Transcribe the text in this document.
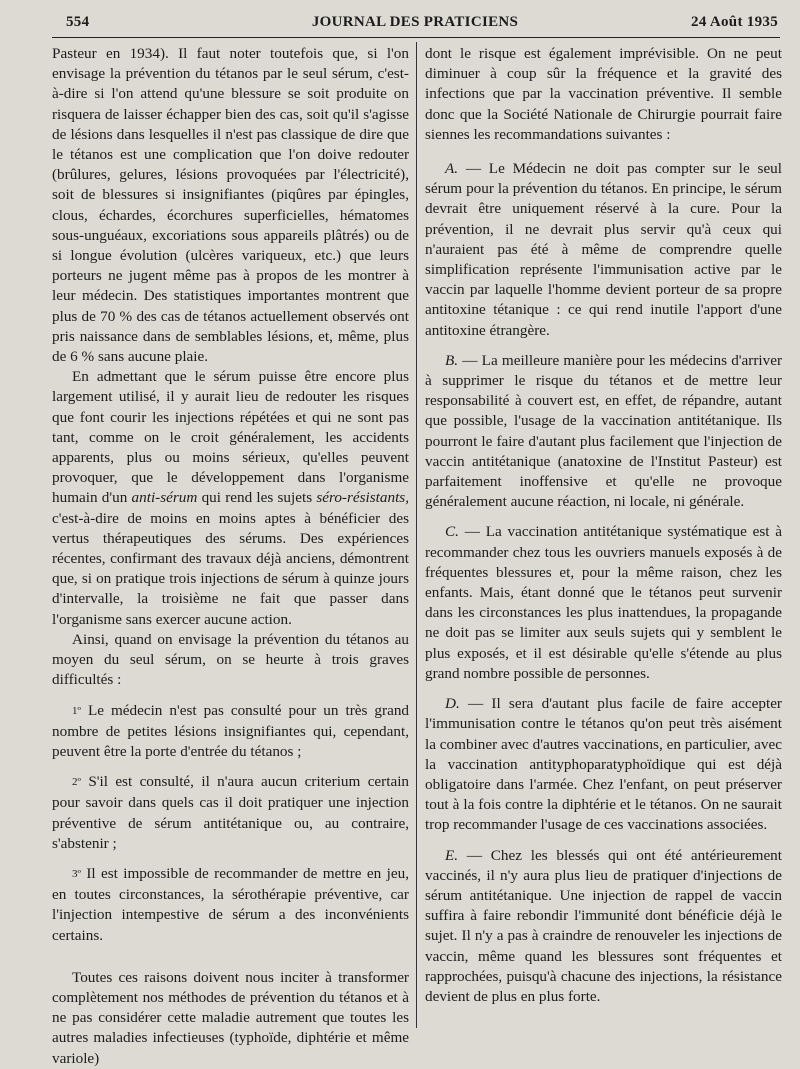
554	JOURNAL DES PRATICIENS	24 Août 1935

Pasteur en 1934). Il faut noter toutefois que, si l'on envisage la prévention du tétanos par le seul sérum, c'est-à-dire si l'on attend qu'une blessure se soit produite on risquera de laisser échapper bien des cas, soit qu'il s'agisse de lésions dans lesquelles il n'est pas classique de dire que le tétanos est une complication que l'on doive redouter (brûlures, gelures, lésions provoquées par l'électricité), soit de blessures si insignifiantes (piqûres par épingles, clous, échardes, écorchures superficielles, hématomes sous-unguéaux, excoriations sous appareils plâtrés) ou de si longue évolution (ulcères variqueux, etc.) que leurs porteurs ne jugent même pas à propos de les montrer à leur médecin. Des statistiques importantes montrent que plus de 70 % des cas de tétanos actuellement observés ont pris naissance dans de semblables lésions, et, même, plus de 6 % sans aucune plaie.

En admettant que le sérum puisse être encore plus largement utilisé, il y aurait lieu de redouter les risques que font courir les injections répétées et qui ne sont pas tant, comme on le croit généralement, les accidents apparents, plus ou moins sérieux, qu'elles peuvent provoquer, que le développement dans l'organisme humain d'un anti-sérum qui rend les sujets séro-résistants, c'est-à-dire de moins en moins aptes à bénéficier des vertus thérapeutiques des sérums. Des expériences récentes, confirmant des travaux déjà anciens, démontrent que, si on pratique trois injections de sérum à quinze jours d'intervalle, la troisième ne fait que passer dans l'organisme sans exercer aucune action.

Ainsi, quand on envisage la prévention du tétanos au moyen du seul sérum, on se heurte à trois graves difficultés :

1º Le médecin n'est pas consulté pour un très grand nombre de petites lésions insignifiantes qui, cependant, peuvent être la porte d'entrée du tétanos ;

2º S'il est consulté, il n'aura aucun criterium certain pour savoir dans quels cas il doit pratiquer une injection préventive de sérum antitétanique ou, au contraire, s'abstenir ;

3º Il est impossible de recommander de mettre en jeu, en toutes circonstances, la sérothérapie préventive, car l'injection intempestive de sérum a des inconvénients certains.

Toutes ces raisons doivent nous inciter à transformer complètement nos méthodes de prévention du tétanos et à ne pas considérer cette maladie autrement que toutes les autres maladies infectieuses (typhoïde, diphtérie et même variole)

dont le risque est également imprévisible. On ne peut diminuer à coup sûr la fréquence et la gravité des infections que par la vaccination préventive. Il semble donc que la Société Nationale de Chirurgie pourrait faire siennes les recommandations suivantes :

A. — Le Médecin ne doit pas compter sur le seul sérum pour la prévention du tétanos. En principe, le sérum devrait être uniquement réservé à la cure. Pour la prévention, il ne devrait plus servir qu'à ceux qui n'auraient pas été à même de comprendre quelle simplification représente l'immunisation active par le vaccin par laquelle l'homme devient porteur de sa propre antitoxine tétanique : ce qui rend inutile l'apport d'une antitoxine étrangère.

B. — La meilleure manière pour les médecins d'arriver à supprimer le risque du tétanos et de mettre leur responsabilité à couvert est, en effet, de répandre, autant que possible, l'usage de la vaccination antitétanique. Ils pourront le faire d'autant plus facilement que l'injection de vaccin antitétanique (anatoxine de l'Institut Pasteur) est parfaitement inoffensive et qu'elle ne provoque généralement aucune réaction, ni locale, ni générale.

C. — La vaccination antitétanique systématique est à recommander chez tous les ouvriers manuels exposés à de fréquentes blessures et, pour la même raison, chez les enfants. Mais, étant donné que le tétanos peut survenir dans les circonstances les plus inattendues, la propagande ne doit pas se limiter aux seuls sujets qui y semblent le plus exposés, et il est désirable qu'elle s'étende au plus grand nombre possible de personnes.

D. — Il sera d'autant plus facile de faire accepter l'immunisation contre le tétanos qu'on peut très aisément la combiner avec d'autres vaccinations, en particulier, avec la vaccination antityphoparatyphoïdique qui est déjà obligatoire dans l'armée. Chez l'enfant, on peut préserver tout à la fois contre la diphtérie et le tétanos. On ne saurait trop recommander l'usage de ces vaccinations associées.

E. — Chez les blessés qui ont été antérieurement vaccinés, il n'y aura plus lieu de pratiquer d'injections de sérum antitétanique. Une injection de rappel de vaccin suffira à faire rebondir l'immunité dont bénéficie déjà le sujet. Il n'y a pas à craindre de renouveler les injections de vaccin, même quand les blessures sont fréquentes et rapprochées, puisqu'à chacune des injections, la résistance devient de plus en plus forte.
